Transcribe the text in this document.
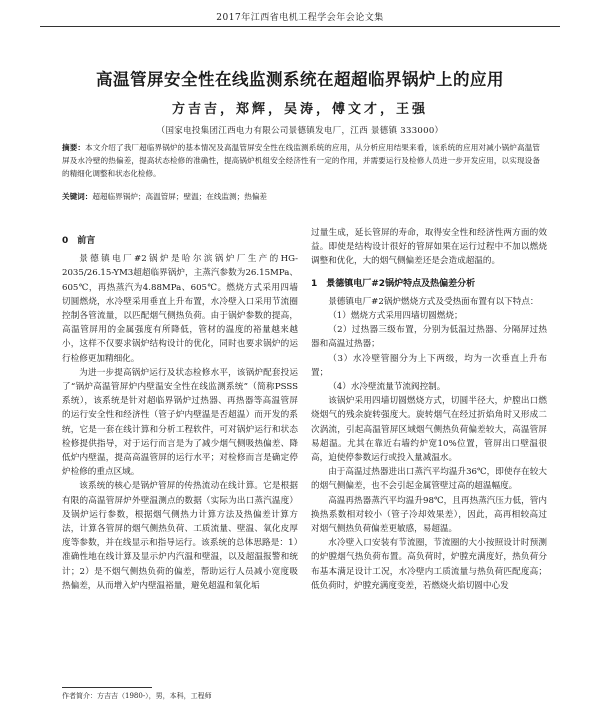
2017年江西省电机工程学会年会论文集
高温管屏安全性在线监测系统在超超临界锅炉上的应用
方吉吉，郑辉，吴涛，傅文才，王强
（国家电投集团江西电力有限公司景德镇发电厂，江西 景德镇 333000）
摘要：本文介绍了我厂超临界锅炉的基本情况及高温管屏安全性在线监测系统的应用，从分析应用结果来看，该系统的应用对减小锅炉高温管屏及水冷壁的热偏差，提高状态检修的准确性，提高锅炉机组安全经济性有一定的作用，并需要运行及检修人员进一步开发应用，以实现设备的精细化调整和状态化检修。
关键词：超超临界锅炉；高温管屏；壁温；在线监测；热偏差
0　前言

景德镇电厂#2锅炉是哈尔滨锅炉厂生产的HG-2035/26.15-YM3超超临界锅炉，主蒸汽参数为26.15MPa、605℃，再热蒸汽为4.88MPa、605℃。燃烧方式采用四墙切圆燃烧，水冷壁采用垂直上升布置，水冷壁入口采用节流圈控制各管流量，以匹配烟气侧热负荷。由于锅炉参数的提高，高温管屏用的金属强度有所降低，管材的温度的裕量越来越小，这样不仅要求锅炉结构设计的优化，同时也要求锅炉的运行检修更加精细化。

为进一步提高锅炉运行及状态检修水平，该锅炉配套投运了“锅炉高温管屏炉内壁温安全性在线监测系统”（简称PSSS系统），该系统是针对超临界锅炉过热器、再热器等高温管屏的运行安全性和经济性（管子炉内壁温是否超温）而开发的系统，它是一套在线计算和分析工程软件，可对锅炉运行和状态检修提供指导，对于运行而言是为了减少烟气侧吸热偏差、降低炉内壁温，提高高温管屏的运行水平；对检修而言是确定停炉检修的重点区域。

该系统的核心是锅炉管屏的传热流动在线计算。它是根据有限的高温管屏炉外壁温测点的数据（实际为出口蒸汽温度）及锅炉运行参数，根据烟气侧热力计算方法及热偏差计算方法，计算各管屏的烟气侧热负荷、工质流量、壁温、氧化皮厚度等参数，并在线显示和指导运行。该系统的总体思路是：1）准确性地在线计算及显示炉内汽温和壁温，以及超温报警和统计；2）是不烟气侧热负荷的偏差，帮助运行人员减小宽度吸热偏差，从而增入炉内壁温裕量，避免超温和氧化垢

过量生成，延长管屏的寿命，取得安全性和经济性两方面的效益。即使是结构设计很好的管屏如果在运行过程中不加以燃烧调整和优化，大的烟气侧偏差还是会造成超温的。

1　景德镇电厂#2锅炉特点及热偏差分析

景德镇电厂#2锅炉燃烧方式及受热面布置有以下特点：

（1）燃烧方式采用四墙切圆燃烧；

（2）过热器三级布置，分别为低温过热器、分隔屏过热器和高温过热器；

（3）水冷壁管圈分为上下两级，均为一次垂直上升布置；

（4）水冷壁流量节流阀控制。

该锅炉采用四墙切圆燃烧方式，切圆半径大，炉膛出口燃烧烟气的残余旋转强度大。旋转烟气在经过折焰角时又形成二次涡流，引起高温管屏区域烟气侧热负荷偏差较大，高温管屏易超温。尤其在靠近右墙约炉宽10%位置，管屏出口壁温很高，迫使停参数运行或投入量减温水。

由于高温过热器进出口蒸汽平均温升36℃，即使存在较大的烟气侧偏差，也不会引起金属管壁过高的超温幅度。

高温再热器蒸汽平均温升98℃，且再热蒸汽压力低，管内换热系数相对较小（管子冷却效果差），因此，高再相较高过对烟气侧热负荷偏差更敏感，易超温。

水冷壁入口安装有节流圈，节流圈的大小按照设计时预测的炉膛烟气热负荷布置。高负荷时，炉膛充满度好，热负荷分布基本满足设计工况，水冷壁内工质流量与热负荷匹配度高；低负荷时，炉膛充满度变差，若燃烧火焰切圆中心发

作者简介：方吉吉（1980-），男，本科，工程师
